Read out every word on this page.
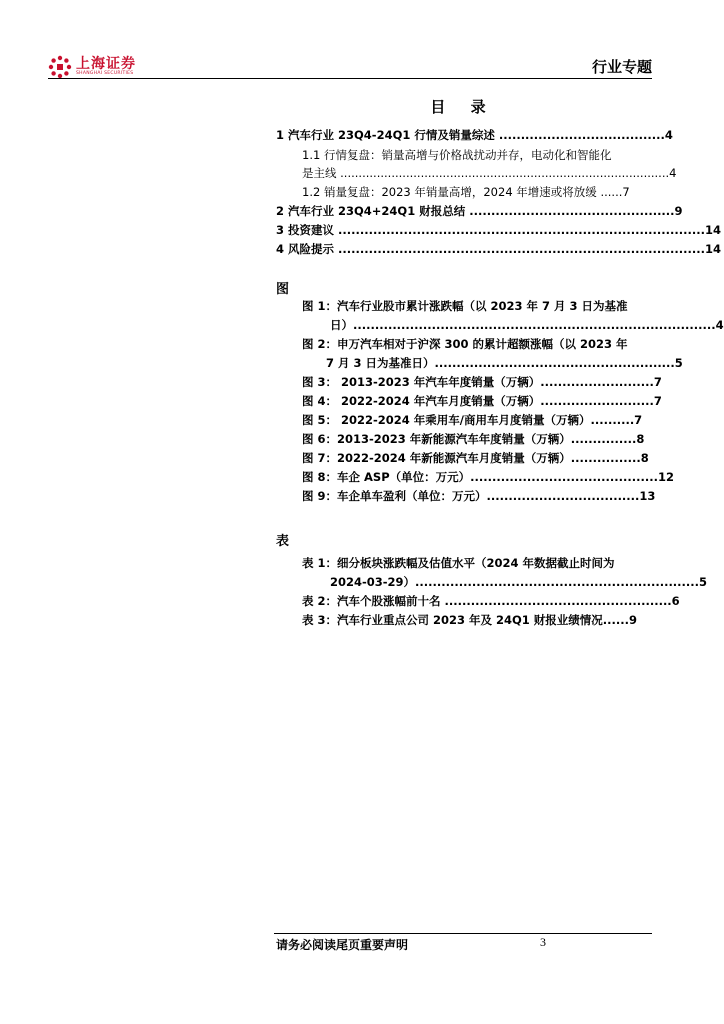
上海证券
SHANGHAI SECURITIES	行业专题
目 录
1 汽车行业 23Q4-24Q1 行情及销量综述 ......................................4
1.1 行情复盘：销量高增与价格战扰动并存，电动化和智能化
是主线 ..........................................................................................4
1.2 销量复盘：2023 年销量高增，2024 年增速或将放缓 ......7
2 汽车行业 23Q4+24Q1 财报总结 ...............................................9
3 投资建议 ....................................................................................14
4 风险提示 ....................................................................................14
图
图 1：汽车行业股市累计涨跌幅（以 2023 年 7 月 3 日为基准
日）...................................................................................4
图 2：申万汽车相对于沪深 300 的累计超额涨幅（以 2023 年
7 月 3 日为基准日）.......................................................5
图 3： 2013-2023 年汽车年度销量（万辆）..........................7
图 4： 2022-2024 年汽车月度销量（万辆）..........................7
图 5： 2022-2024 年乘用车/商用车月度销量（万辆）..........7
图 6：2013-2023 年新能源汽车年度销量（万辆）...............8
图 7：2022-2024 年新能源汽车月度销量（万辆）................8
图 8：车企 ASP（单位：万元）...........................................12
图 9：车企单车盈利（单位：万元）...................................13
表
表 1：细分板块涨跌幅及估值水平（2024 年数据截止时间为
2024-03-29）.................................................................5
表 2：汽车个股涨幅前十名 ....................................................6
表 3：汽车行业重点公司 2023 年及 24Q1 财报业绩情况......9
请务必阅读尾页重要声明	3
